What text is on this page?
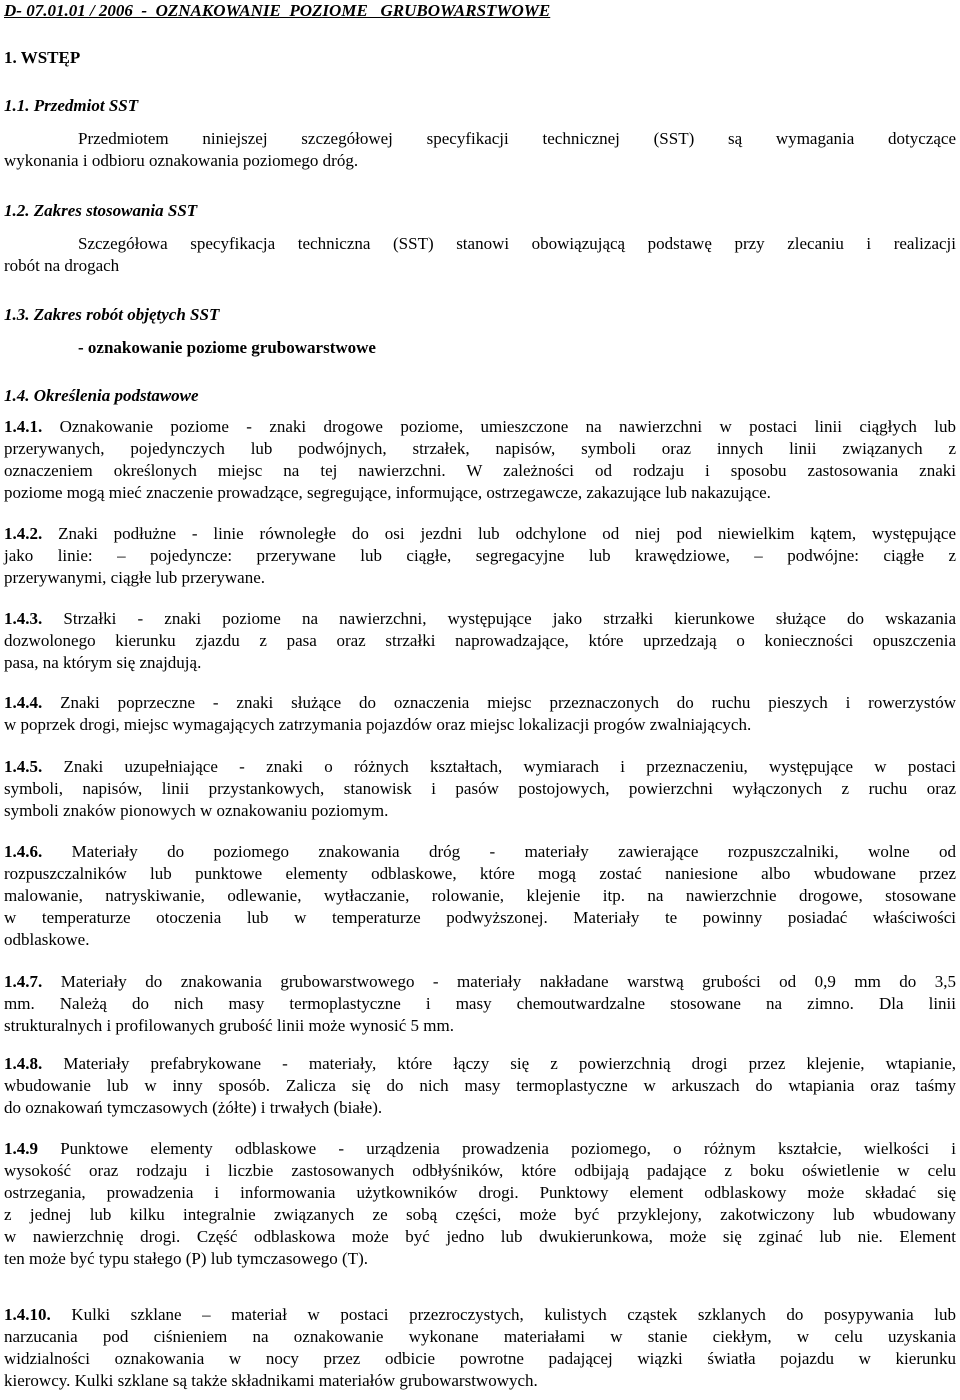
D- 07.01.01 / 2006  -  OZNAKOWANIE  POZIOME   GRUBOWARSTWOWE
1. WSTĘP
1.1. Przedmiot SST
Przedmiotem niniejszej szczegółowej specyfikacji technicznej (SST) są wymagania dotyczące
wykonania i odbioru oznakowania poziomego dróg.
1.2. Zakres stosowania SST
Szczegółowa specyfikacja techniczna (SST) stanowi obowiązującą podstawę przy zlecaniu i realizacji
robót na drogach
1.3. Zakres robót objętych SST
- oznakowanie poziome grubowarstwowe
1.4. Określenia podstawowe
1.4.1. Oznakowanie poziome - znaki drogowe poziome, umieszczone na nawierzchni w postaci linii ciągłych lub
przerywanych, pojedynczych lub podwójnych, strzałek, napisów, symboli oraz innych linii związanych z
oznaczeniem określonych miejsc na tej nawierzchni. W zależności od rodzaju i sposobu zastosowania znaki
poziome mogą mieć znaczenie prowadzące, segregujące, informujące, ostrzegawcze, zakazujące lub nakazujące.
1.4.2. Znaki podłużne - linie równoległe do osi jezdni lub odchylone od niej pod niewielkim kątem, występujące
jako linie: – pojedyncze: przerywane lub ciągłe, segregacyjne lub krawędziowe, – podwójne: ciągłe z
przerywanymi, ciągłe lub przerywane.
1.4.3. Strzałki - znaki poziome na nawierzchni, występujące jako strzałki kierunkowe służące do wskazania
dozwolonego kierunku zjazdu z pasa oraz strzałki naprowadzające, które uprzedzają o konieczności opuszczenia
pasa, na którym się znajdują.
1.4.4. Znaki poprzeczne - znaki służące do oznaczenia miejsc przeznaczonych do ruchu pieszych i rowerzystów
w poprzek drogi, miejsc wymagających zatrzymania pojazdów oraz miejsc lokalizacji progów zwalniających.
1.4.5. Znaki uzupełniające - znaki o różnych kształtach, wymiarach i przeznaczeniu, występujące w postaci
symboli, napisów, linii przystankowych, stanowisk i pasów postojowych, powierzchni wyłączonych z ruchu oraz
symboli znaków pionowych w oznakowaniu poziomym.
1.4.6. Materiały do poziomego znakowania dróg - materiały zawierające rozpuszczalniki, wolne od
rozpuszczalników lub punktowe elementy odblaskowe, które mogą zostać naniesione albo wbudowane przez
malowanie, natryskiwanie, odlewanie, wytłaczanie, rolowanie, klejenie itp. na nawierzchnie drogowe, stosowane
w temperaturze otoczenia lub w temperaturze podwyższonej. Materiały te powinny posiadać właściwości
odblaskowe.
1.4.7. Materiały do znakowania grubowarstwowego - materiały nakładane warstwą grubości od 0,9 mm do 3,5
mm. Należą do nich masy termoplastyczne i masy chemoutwardzalne stosowane na zimno. Dla linii
strukturalnych i profilowanych grubość linii może wynosić 5 mm.
1.4.8. Materiały prefabrykowane - materiały, które łączy się z powierzchnią drogi przez klejenie, wtapianie,
wbudowanie lub w inny sposób. Zalicza się do nich masy termoplastyczne w arkuszach do wtapiania oraz taśmy
do oznakowań tymczasowych (żółte) i trwałych (białe).
1.4.9 Punktowe elementy odblaskowe - urządzenia prowadzenia poziomego, o różnym kształcie, wielkości i
wysokość oraz rodzaju i liczbie zastosowanych odbłyśników, które odbijają padające z boku oświetlenie w celu
ostrzegania, prowadzenia i informowania użytkowników drogi. Punktowy element odblaskowy może składać się
z jednej lub kilku integralnie związanych ze sobą części, może być przyklejony, zakotwiczony lub wbudowany
w nawierzchnię drogi. Część odblaskowa może być jedno lub dwukierunkowa, może się zginać lub nie. Element
ten może być typu stałego (P) lub tymczasowego (T).
1.4.10. Kulki szklane – materiał w postaci przezroczystych, kulistych cząstek szklanych do posypywania lub
narzucania pod ciśnieniem na oznakowanie wykonane materiałami w stanie ciekłym, w celu uzyskania
widzialności oznakowania w nocy przez odbicie powrotne padającej wiązki światła pojazdu w kierunku
kierowcy. Kulki szklane są także składnikami materiałów grubowarstwowych.
